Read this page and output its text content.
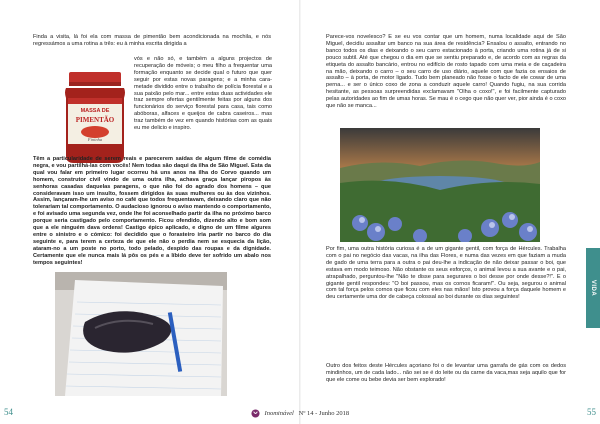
Finda a visita, lá foi ela com massa de pimentão bem acondicionada na mochila, e nós regressámos a uma rotina a três: eu à minha escrita dirigida a

MASSA DE
PIMENTÃO
Fininha

vós e não só, e também a alguns projectos de recuperação de móveis; o meu filho a frequentar uma formação enquanto se decide qual o futuro que quer seguir por estas novas paragens; e a minha cara-metade dividido entre o trabalho de polícia florestal e a sua paixão pelo mar... entre estas duas actividades ele traz sempre ofertas gentilmente feitas por alguns dos funcionários do serviço florestal para casa, tais como abóboras, alfaces e queijos de cabra caseiros... mas traz também de vez em quando histórias com as quais eu me delicio e inspiro.

Têm a particularidade de serem reais e parecerem saídas de algum filme de comédia negra, e vou partilhá-las com vocês! Nem todas são daqui da ilha de São Miguel. Esta da qual vou falar em primeiro lugar ocorreu há uns anos na ilha do Corvo quando um homem, construtor civil vindo de uma outra ilha, achava graça lançar piropos às senhoras casadas daquelas paragens, o que não foi do agrado dos homens – que consideravam isso um insulto, fossem dirigidos às suas mulheres ou às dos vizinhos. Assim, lançaram-lhe um aviso no café que todos frequentavam, deixando claro que não tolerariam tal comportamento. O audacioso ignorou o aviso mantendo o comportamento, e foi avisado uma segunda vez, onde lhe foi aconselhado partir da ilha no próximo barco porque seria castigado pelo comportamento. Ficou ofendido, dizendo alto e bom som que a ele ninguém dava ordens! Castigo épico aplicado, e digno de um filme algures entre o sinistro e o cómico: foi decidido que o forasteiro iria partir no barco do dia seguinte e, para terem a certeza de que ele não o perdia nem se esquecia da lição, ataram-no a um poste no porto, todo pelado, despido das roupas e da dignidade. Certamente que ele nunca mais lá pôs os pés e a líbido deve ter sofrido um abalo nos tempos seguintes!

54

Parece-vos novelesco? E se eu vos contar que um homem, numa localidade aqui de São Miguel, decidiu assaltar um banco na sua área de residência? Ensalou o assalto, entrando no banco todos os dias e deixando o seu carro estacionado à porta, criando uma rotina já de si pouco subtil. Até que chegou o dia em que se sentiu preparado e, de acordo com as regras da etiqueta do assalto bancário, entrou no edifício de rosto tapado com uma meia e de caçadeira na mão, deixando o carro – o seu carro de uso diário, aquele com que fazia os ensaios de assalto – à porta, de motor ligado. Tudo bem planeado não fosse o facto de ele cowar de uma perna... e ser o único coxo de zona a conduzir aquele carro! Quando fugiu, na sua corrida hesitante, as pessoas surpreendidas exclamavam "Olha o coxo!", e foi facilmente capturado pelas autoridades ao fim de umas horas. Se mau é o cego que não quer ver, pior ainda é o coxo que não se manca...

Por fim, uma outra história curiosa é a de um gigante gentil, com força de Hércules. Trabalha com o pai no negócio das vacas, na ilha das Flores, e numa das vezes em que faziam a muda de gado de uma terra para a outra o pai deu-lhe a indicação de não deixar passar o boi, que estava em modo teimoso. Não obstante os seus esforços, o animal levou a sua avante e o pai, atrapalhado, perguntou-lhe "Não te disse para segurares o boi desse por onde desse?!". E o gigante gentil respondeu: "O boi passou, mas os cornos ficaram!". Ou seja, segurou o animal com tal força pelos cornos que ficou com eles nas mãos! Isto provou a força daquele homem e deu certamente uma dor de cabeça colossal ao boi durante os dias seguintes!

Outro dos feitos deste Hércules açoriano foi o de levantar uma garrafa de gás com os dedos mindinhos, um de cada lado... não sei se é do leite ou da carne da vaca,mas seja aquilo que for que ele come ou bebe devia ser bem explorado!

VIDA
55
Inominável Nº 14 - Junho 2018
